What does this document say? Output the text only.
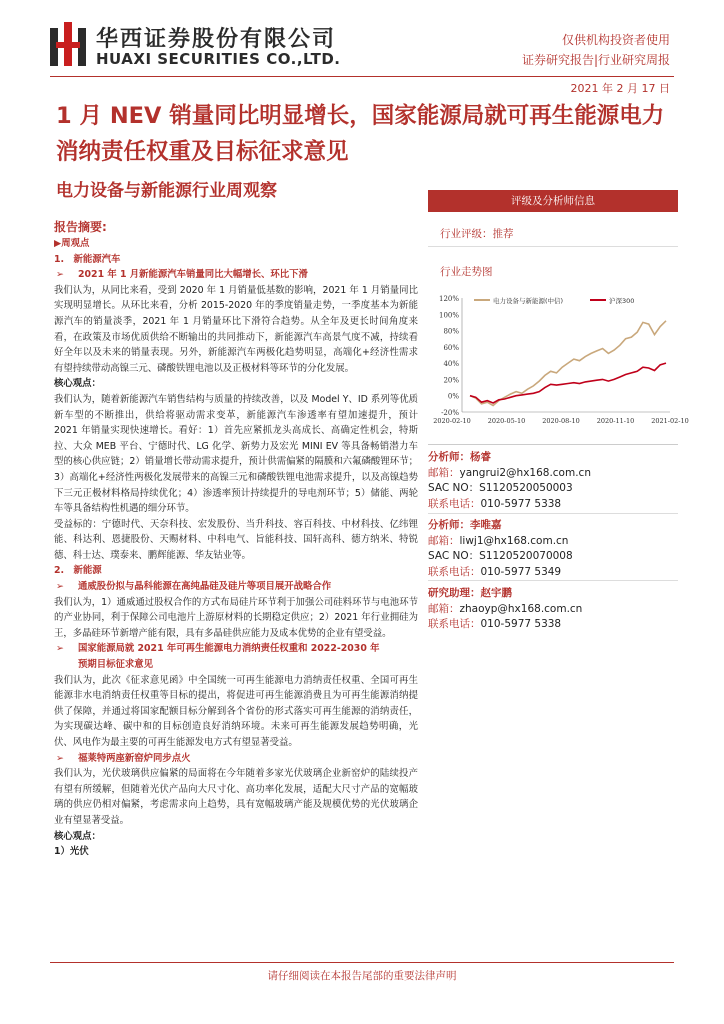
华西证券股份有限公司
HUAXI SECURITIES CO.,LTD.
仅供机构投资者使用
证券研究报告|行业研究周报
2021 年 2 月 17 日
1 月 NEV 销量同比明显增长，国家能源局就可再生能源电力消纳责任权重及目标征求意见
电力设备与新能源行业周观察
报告摘要:
▶周观点
1.　新能源汽车
➢ 2021 年 1 月新能源汽车销量同比大幅增长、环比下滑

我们认为，从同比来看，受到 2020 年 1 月销量低基数的影响，2021 年 1 月销量同比实现明显增长。从环比来看，分析 2015-2020 年的季度销量走势，一季度基本为新能源汽车的销量淡季，2021 年 1 月销量环比下滑符合趋势。从全年及更长时间角度来看，在政策及市场优质供给不断输出的共同推动下，新能源汽车高景气度不减，持续看好全年以及未来的销量表现。另外，新能源汽车两极化趋势明显，高端化+经济性需求有望持续带动高镍三元、磷酸铁锂电池以及正极材料等环节的分化发展。

核心观点：

我们认为，随着新能源汽车销售结构与质量的持续改善，以及 Model Y、ID 系列等优质新车型的不断推出，供给将驱动需求变革，新能源汽车渗透率有望加速提升，预计 2021 年销量实现快速增长。看好：1）首先应紧抓龙头高成长、高确定性机会，特斯拉、大众 MEB 平台、宁德时代、LG 化学、新势力及宏光 MINI EV 等具备畅销潜力车型的核心供应链；2）销量增长带动需求提升，预计供需偏紧的隔膜和六氟磷酸锂环节；3）高端化+经济性两极化发展带来的高镍三元和磷酸铁锂电池需求提升，以及高镍趋势下三元正极材料格局持续优化；4）渗透率预计持续提升的导电剂环节；5）储能、两轮车等具备结构性机遇的细分环节。

受益标的：宁德时代、天奈科技、宏发股份、当升科技、容百科技、中材科技、亿纬锂能、科达利、恩捷股份、天赐材料、中科电气、旨能科技、国轩高科、德方纳米、特锐德、科士达、璞泰来、鹏辉能源、华友钴业等。

2.　新能源
➢ 通威股份拟与晶科能源在高纯晶硅及硅片等项目展开战略合作

我们认为，1）通威通过股权合作的方式布局硅片环节利于加强公司硅料环节与电池环节的产业协同，利于保障公司电池片上游原材料的长期稳定供应；2）2021 年行业拥硅为王，多晶硅环节新增产能有限，具有多晶硅供应能力及成本优势的企业有望受益。

➢ 国家能源局就 2021 年可再生能源电力消纳责任权重和 2022-2030 年
预期目标征求意见

我们认为，此次《征求意见函》中全国统一可再生能源电力消纳责任权重、全国可再生能源非水电消纳责任权重等目标的提出，将促进可再生能源消费且为可再生能源消纳提供了保障，并通过将国家配额目标分解到各个省份的形式落实可再生能源的消纳责任，为实现碳达峰、碳中和的目标创造良好消纳环境。未来可再生能源发展趋势明确，光伏、风电作为最主要的可再生能源发电方式有望显著受益。

➢ 福莱特两座新窑炉同步点火

我们认为，光伏玻璃供应偏紧的局面将在今年随着多家光伏玻璃企业新窑炉的陆续投产有望有所缓解，但随着光伏产品向大尺寸化、高功率化发展，适配大尺寸产品的宽幅玻璃的供应仍相对偏紧，考虑需求向上趋势，具有宽幅玻璃产能及规模优势的光伏玻璃企业有望显著受益。

核心观点：
1）光伏
评级及分析师信息
行业评级：推荐
行业走势图
-20%
0%
20%
40%
60%
80%
100%
120%
2020-02-10	2020-05-10	2020-08-10	2020-11-10	2021-02-10
电力设备与新能源(中信)	沪深300
分析师：杨睿
邮箱：yangrui2@hx168.com.cn
SAC NO：S1120520050003
联系电话：010-5977 5338
分析师：李唯嘉
邮箱：liwj1@hx168.com.cn
SAC NO：S1120520070008
联系电话：010-5977 5349
研究助理：赵宇鹏
邮箱：zhaoyp@hx168.com.cn
联系电话：010-5977 5338
请仔细阅读在本报告尾部的重要法律声明
